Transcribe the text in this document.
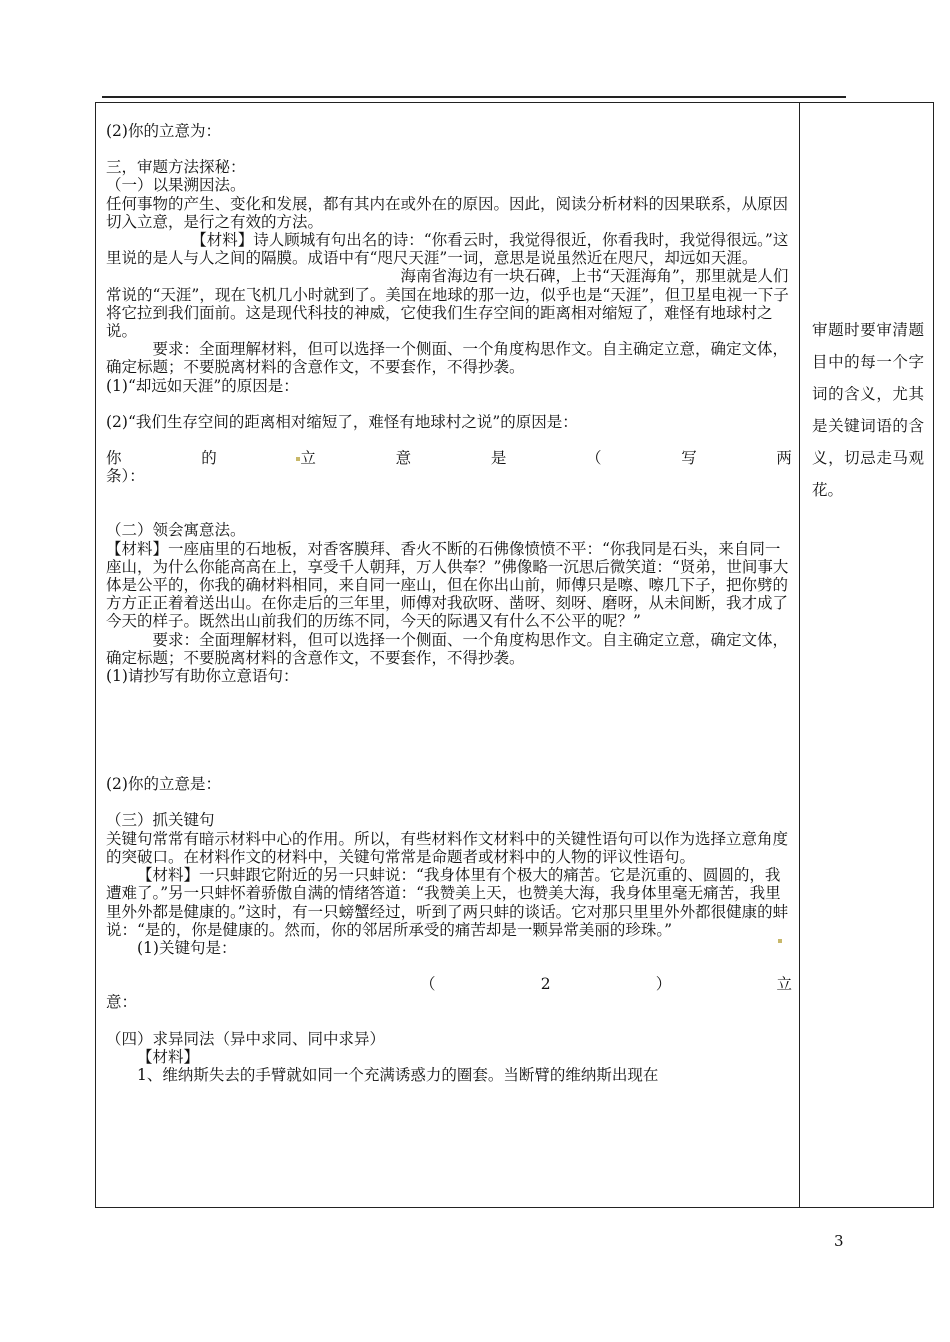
(2)你的立意为：

三，审题方法探秘：

（一）以果溯因法。

任何事物的产生、变化和发展，都有其内在或外在的原因。因此，阅读分析材料的因果联系，从原因切入立意，是行之有效的方法。

【材料】诗人顾城有句出名的诗：“你看云时，我觉得很近，你看我时，我觉得很远。”这里说的是人与人之间的隔膜。成语中有“咫尺天涯”一词，意思是说虽然近在咫尺，却远如天涯。

海南省海边有一块石碑，上书“天涯海角”，那里就是人们常说的“天涯”，现在飞机几小时就到了。美国在地球的那一边，似乎也是“天涯”，但卫星电视一下子将它拉到我们面前。这是现代科技的神威，它使我们生存空间的距离相对缩短了，难怪有地球村之说。

要求：全面理解材料，但可以选择一个侧面、一个角度构思作文。自主确定立意，确定文体，确定标题；不要脱离材料的含意作文，不要套作，不得抄袭。

(1)“却远如天涯”的原因是：

(2)“我们生存空间的距离相对缩短了，难怪有地球村之说”的原因是：

你	的	立	意	是	（	写	两

条）：

（二）领会寓意法。

【材料】一座庙里的石地板，对香客膜拜、香火不断的石佛像愤愤不平：“你我同是石头，来自同一座山，为什么你能高高在上，享受千人朝拜，万人供奉？”佛像略一沉思后微笑道：“贤弟，世间事大体是公平的，你我的确材料相同，来自同一座山，但在你出山前，师傅只是嚓、嚓几下子，把你劈的方方正正着着送出山。在你走后的三年里，师傅对我砍呀、凿呀、刻呀、磨呀，从未间断，我才成了今天的样子。既然出山前我们的历练不同，今天的际遇又有什么不公平的呢？”

要求：全面理解材料，但可以选择一个侧面、一个角度构思作文。自主确定立意，确定文体，确定标题；不要脱离材料的含意作文，不要套作，不得抄袭。

(1)请抄写有助你立意语句：

(2)你的立意是：

（三）抓关键句

关键句常常有暗示材料中心的作用。所以，有些材料作文材料中的关键性语句可以作为选择立意角度的突破口。在材料作文的材料中，关键句常常是命题者或材料中的人物的评议性语句。

【材料】一只蚌跟它附近的另一只蚌说：“我身体里有个极大的痛苦。它是沉重的、圆圆的，我遭难了。”另一只蚌怀着骄傲自满的情绪答道：“我赞美上天，也赞美大海，我身体里毫无痛苦，我里里外外都是健康的。”这时，有一只螃蟹经过，听到了两只蚌的谈话。它对那只里里外外都很健康的蚌说：“是的，你是健康的。然而，你的邻居所承受的痛苦却是一颗异常美丽的珍珠。”

(1)关键句是：

（	2	）	立

意：

（四）求异同法（异中求同、同中求异）

【材料】

1、维纳斯失去的手臂就如同一个充满诱惑力的圈套。当断臂的维纳斯出现在

审题时要审清题目中的每一个字词的含义，尤其是关键词语的含义，切忌走马观花。
3
